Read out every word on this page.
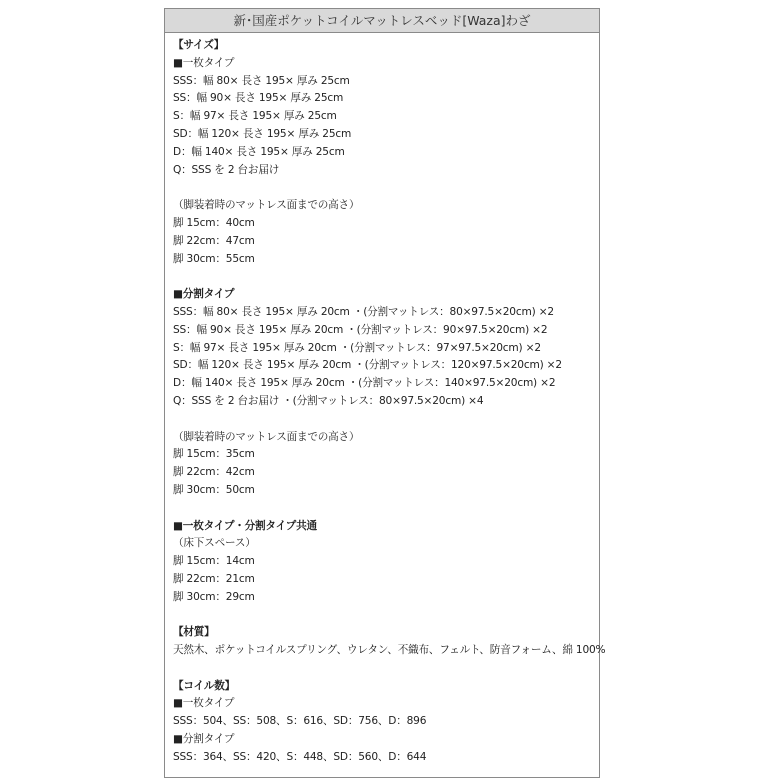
新･国産ポケットコイルマットレスベッド[Waza]わざ
【サイズ】
■一枚タイプ
SSS：幅 80× 長さ 195× 厚み 25cm
SS：幅 90× 長さ 195× 厚み 25cm
S：幅 97× 長さ 195× 厚み 25cm
SD：幅 120× 長さ 195× 厚み 25cm
D：幅 140× 長さ 195× 厚み 25cm
Q：SSS を 2 台お届け
（脚装着時のマットレス面までの高さ）
脚 15cm：40cm
脚 22cm：47cm
脚 30cm：55cm
■分割タイプ
SSS：幅 80× 長さ 195× 厚み 20cm ・(分割マットレス：80×97.5×20cm) ×2
SS：幅 90× 長さ 195× 厚み 20cm ・(分割マットレス：90×97.5×20cm) ×2
S：幅 97× 長さ 195× 厚み 20cm ・(分割マットレス：97×97.5×20cm) ×2
SD：幅 120× 長さ 195× 厚み 20cm ・(分割マットレス：120×97.5×20cm) ×2
D：幅 140× 長さ 195× 厚み 20cm ・(分割マットレス：140×97.5×20cm) ×2
Q：SSS を 2 台お届け ・(分割マットレス：80×97.5×20cm) ×4
（脚装着時のマットレス面までの高さ）
脚 15cm：35cm
脚 22cm：42cm
脚 30cm：50cm
■一枚タイプ・分割タイプ共通
（床下スペース）
脚 15cm：14cm
脚 22cm：21cm
脚 30cm：29cm
【材質】
天然木、ポケットコイルスプリング、ウレタン、不織布、フェルト、防音フォーム、綿 100%
【コイル数】
■一枚タイプ
SSS：504、SS：508、S：616、SD：756、D：896
■分割タイプ
SSS：364、SS：420、S：448、SD：560、D：644
